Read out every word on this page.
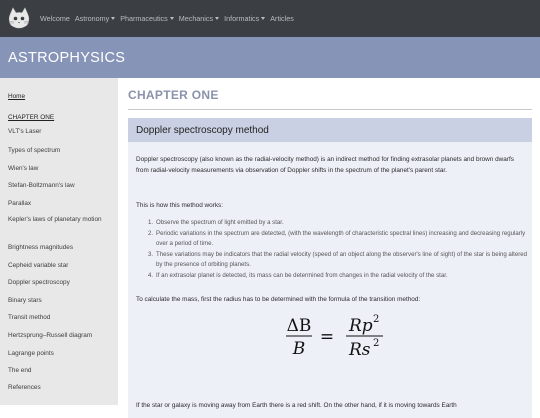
Welcome Astronomy Pharmaceutics Mechanics Informatics Articles
ASTROPHYSICS
Home
CHAPTER ONE
VLT's Laser
Types of spectrum
Wien's law
Stefan-Boltzmann's law
Parallax
Kepler's laws of planetary motion
Brightness magnitudes
Cepheid variable star
Doppler spectroscopy
Binary stars
Transit method
Hertzsprung–Russell diagram
Lagrange points
The end
References
CHAPTER ONE
Doppler spectroscopy method
Doppler spectroscopy (also known as the radial-velocity method) is an indirect method for finding extrasolar planets and brown dwarfs from radial-velocity measurements via observation of Doppler shifts in the spectrum of the planet's parent star.
This is how this method works:
1. Observe the spectrum of light emitted by a star.
2. Periodic variations in the spectrum are detected, (with the wavelength of characteristic spectral lines) increasing and decreasing regularly over a period of time.
3. These variations may be indicators that the radial velocity (speed of an object along the observer's line of sight) of the star is being altered by the presence of orbiting planets.
4. If an extrasolar planet is detected, its mass can be determined from changes in the radial velocity of the star.
To calculate the mass, first the radius has to be determined with the formula of the transition method:
ΔB
B
=
Rp 2
Rs 2
If the star or galaxy is moving away from Earth there is a red shift. On the other hand, if it is moving towards Earth
